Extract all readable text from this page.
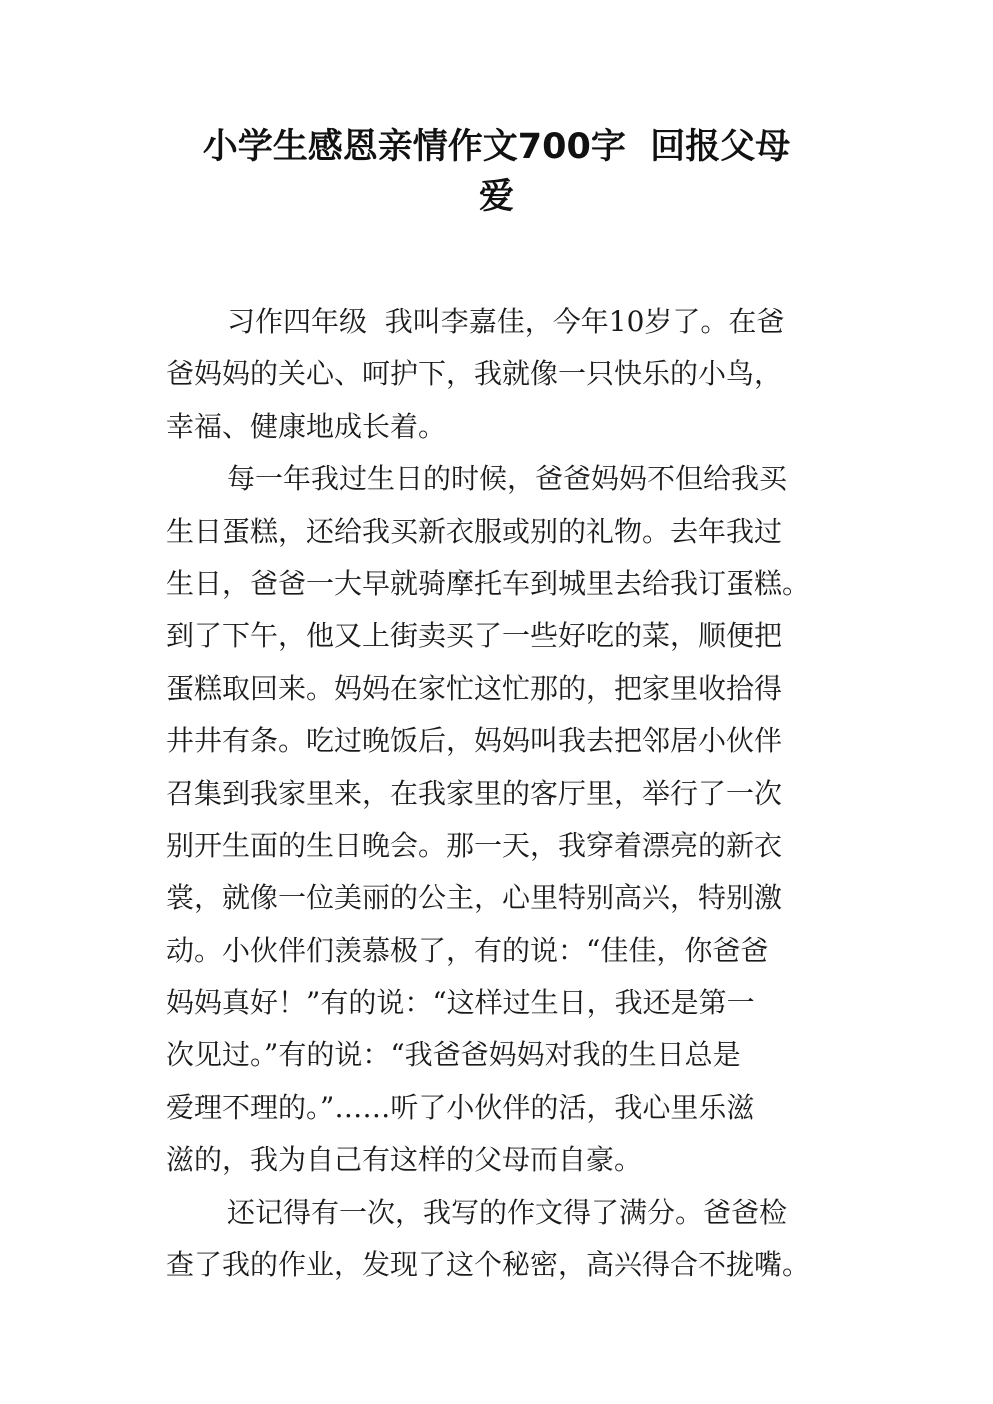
小学生感恩亲情作文700字  回报父母
爱
习作四年级  我叫李嘉佳，今年10岁了。在爸
爸妈妈的关心、呵护下，我就像一只快乐的小鸟，
幸福、健康地成长着。
每一年我过生日的时候，爸爸妈妈不但给我买
生日蛋糕，还给我买新衣服或别的礼物。去年我过
生日，爸爸一大早就骑摩托车到城里去给我订蛋糕。
到了下午，他又上街卖买了一些好吃的菜，顺便把
蛋糕取回来。妈妈在家忙这忙那的，把家里收拾得
井井有条。吃过晚饭后，妈妈叫我去把邻居小伙伴
召集到我家里来，在我家里的客厅里，举行了一次
别开生面的生日晚会。那一天，我穿着漂亮的新衣
裳，就像一位美丽的公主，心里特别高兴，特别激
动。小伙伴们羡慕极了，有的说：“佳佳，你爸爸
妈妈真好！”有的说：“这样过生日，我还是第一
次见过。”有的说：“我爸爸妈妈对我的生日总是
爱理不理的。”……听了小伙伴的活，我心里乐滋
滋的，我为自己有这样的父母而自豪。
还记得有一次，我写的作文得了满分。爸爸检
查了我的作业，发现了这个秘密，高兴得合不拢嘴。
